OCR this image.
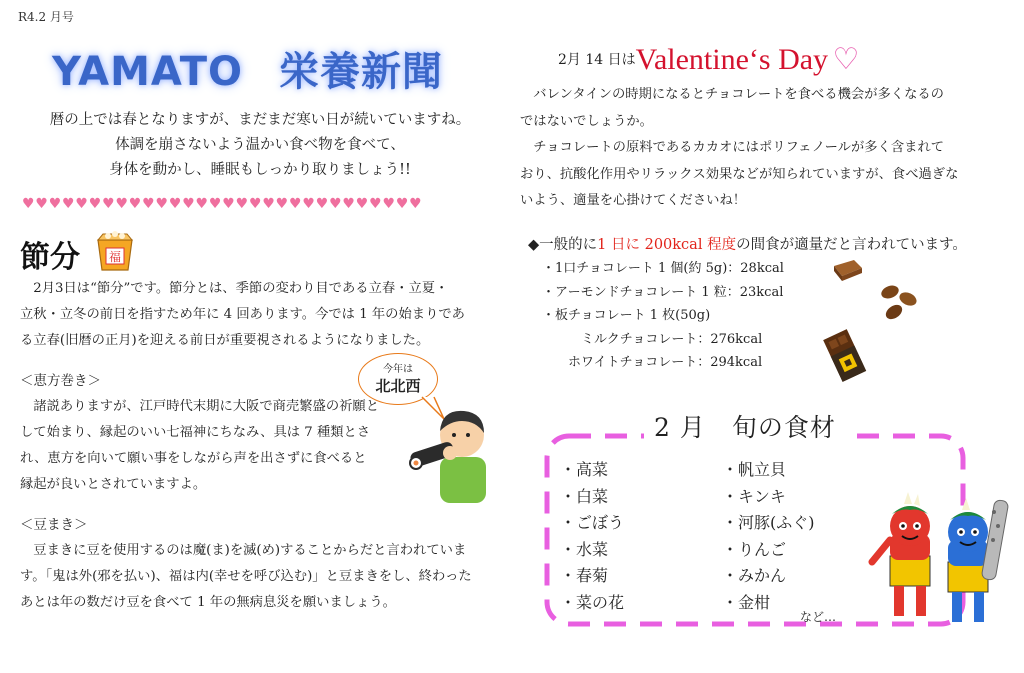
R4.2 月号
YAMATO 栄養新聞
暦の上では春となりますが、まだまだ寒い日が続いていますね。
体調を崩さないよう温かい食べ物を食べて、
身体を動かし、睡眠もしっかり取りましょう!!
♥♥♥♥♥♥♥♥♥♥♥♥♥♥♥♥♥♥♥♥♥♥♥♥♥♥♥♥♥♥
節分 福
　2月3日は“節分”です。節分とは、季節の変わり目である立春・立夏・
立秋・立冬の前日を指すため年に 4 回あります。今では 1 年の始まりであ
る立春(旧暦の正月)を迎える前日が重要視されるようになりました。
＜恵方巻き＞
　諸説ありますが、江戸時代末期に大阪で商売繁盛の祈願と
して始まり、縁起のいい七福神にちなみ、具は 7 種類とさ
れ、恵方を向いて願い事をしながら声を出さずに食べると
縁起が良いとされていますよ。
＜豆まき＞
　豆まきに豆を使用するのは魔(ま)を滅(め)することからだと言われていま
す。「鬼は外(邪を払い)、福は内(幸せを呼び込む)」と豆まきをし、終わった
あとは年の数だけ豆を食べて 1 年の無病息災を願いましょう。
今年は
北北西
2月 14 日はValentine‘s Day ♡
　バレンタインの時期になるとチョコレートを食べる機会が多くなるの
ではないでしょうか。
　チョコレートの原料であるカカオにはポリフェノールが多く含まれて
おり、抗酸化作用やリラックス効果などが知られていますが、食べ過ぎな
いよう、適量を心掛けてくださいね！
◆一般的に1 日に 200kcal 程度の間食が適量だと言われています。
・1口チョコレート 1 個(約 5g)：28kcal
・アーモンドチョコレート 1 粒：23kcal
・板チョコレート 1 枚(50g)
　　　ミルクチョコレート：276kcal
　　ホワイトチョコレート：294kcal
2 月　旬の食材
・高菜
・白菜
・ごぼう
・水菜
・春菊
・菜の花
・帆立貝
・キンキ
・河豚(ふぐ)
・りんご
・みかん
・金柑
など…
